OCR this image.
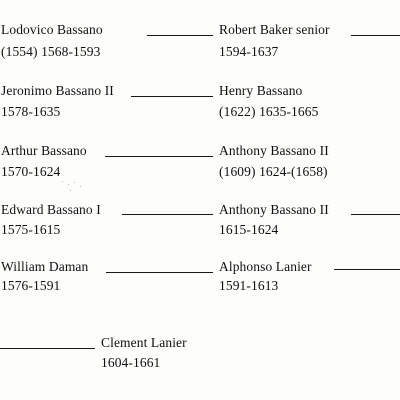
Lodovico Bassano
(1554) 1568-1593
Robert Baker senior
1594-1637
Jeronimo Bassano II
1578-1635
Henry Bassano
(1622) 1635-1665
Arthur Bassano
1570-1624
Anthony Bassano II
(1609) 1624-(1658)
Edward Bassano I
1575-1615
Anthony Bassano II
1615-1624
William Daman
1576-1591
Alphonso Lanier
1591-1613
Clement Lanier
1604-1661
